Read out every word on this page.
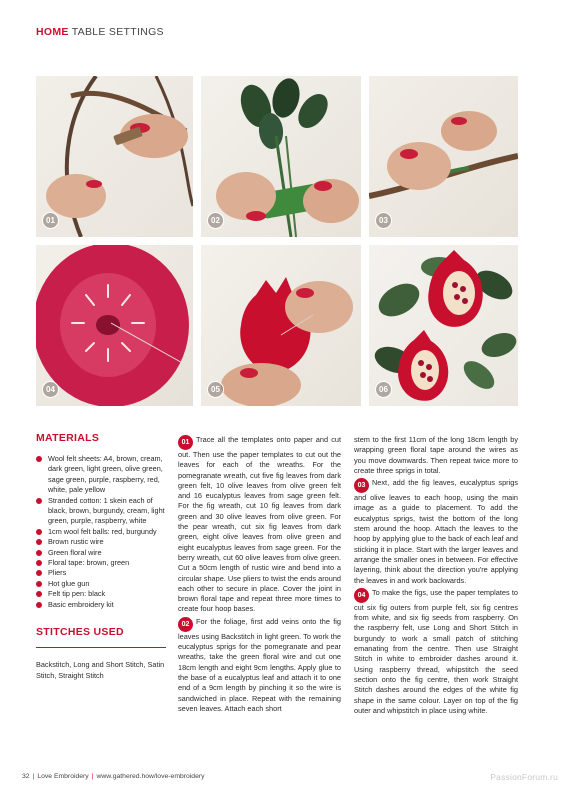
HOME TABLE SETTINGS
01	02	03
04	05	06
MATERIALS
Wool felt sheets: A4, brown, cream, dark green, light green, olive green, sage green, purple, raspberry, red, white, pale yellow
Stranded cotton: 1 skein each of black, brown, burgundy, cream, light green, purple, raspberry, white
1cm wool felt balls: red, burgundy
Brown rustic wire
Green floral wire
Floral tape: brown, green
Pliers
Hot glue gun
Felt tip pen: black
Basic embroidery kit
STITCHES USED
Backstitch, Long and Short Stitch, Satin Stitch, Straight Stitch
01 Trace all the templates onto paper and cut out. Then use the paper templates to cut out the leaves for each of the wreaths. For the pomegranate wreath, cut five fig leaves from dark green felt, 10 olive leaves from olive green felt and 16 eucalyptus leaves from sage green felt. For the fig wreath, cut 10 fig leaves from dark green and 30 olive leaves from olive green. For the pear wreath, cut six fig leaves from dark green, eight olive leaves from olive green and eight eucalyptus leaves from sage green. For the berry wreath, cut 60 olive leaves from olive green. Cut a 50cm length of rustic wire and bend into a circular shape. Use pliers to twist the ends around each other to secure in place. Cover the joint in brown floral tape and repeat three more times to create four hoop bases.
02 For the foliage, first add veins onto the fig leaves using Backstitch in light green. To work the eucalyptus sprigs for the pomegranate and pear wreaths, take the green floral wire and cut one 18cm length and eight 9cm lengths. Apply glue to the base of a eucalyptus leaf and attach it to one end of a 9cm length by pinching it so the wire is sandwiched in place. Repeat with the remaining seven leaves. Attach each short
stem to the first 11cm of the long 18cm length by wrapping green floral tape around the wires as you move downwards. Then repeat twice more to create three sprigs in total.
03 Next, add the fig leaves, eucalyptus sprigs and olive leaves to each hoop, using the main image as a guide to placement. To add the eucalyptus sprigs, twist the bottom of the long stem around the hoop. Attach the leaves to the hoop by applying glue to the back of each leaf and sticking it in place. Start with the larger leaves and arrange the smaller ones in between. For effective layering, think about the direction you're applying the leaves in and work backwards.
04 To make the figs, use the paper templates to cut six fig outers from purple felt, six fig centres from white, and six fig seeds from raspberry. On the raspberry felt, use Long and Short Stitch in burgundy to work a small patch of stitching emanating from the centre. Then use Straight Stitch in white to embroider dashes around it. Using raspberry thread, whipstitch the seed section onto the fig centre, then work Straight Stitch dashes around the edges of the white fig shape in the same colour. Layer on top of the fig outer and whipstitch in place using white.
32 | Love Embroidery | www.gathered.how/love-embroidery	PassionForum.ru
